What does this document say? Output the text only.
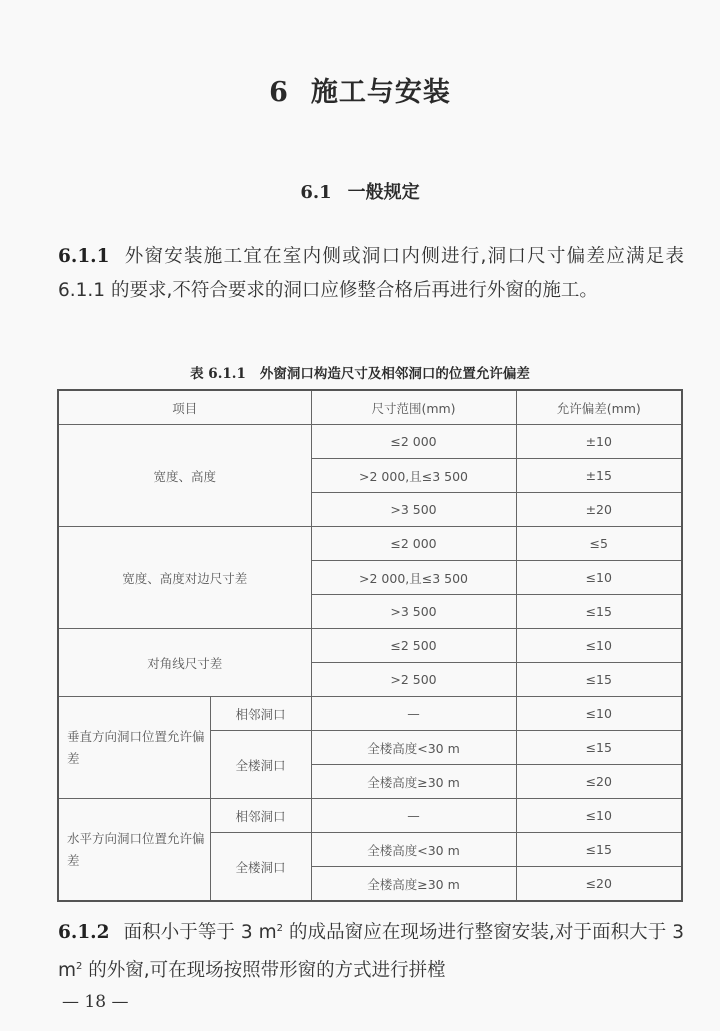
6 施工与安装
6.1 一般规定
6.1.1 外窗安装施工宜在室内侧或洞口内侧进行,洞口尺寸偏差应满足表 6.1.1 的要求,不符合要求的洞口应修整合格后再进行外窗的施工。
表 6.1.1 外窗洞口构造尺寸及相邻洞口的位置允许偏差
项目		尺寸范围(mm)	允许偏差(mm)
宽度、高度		≤2 000	±10
		>2 000,且≤3 500	±15
		>3 500	±20
宽度、高度对边尺寸差		≤2 000	≤5
		>2 000,且≤3 500	≤10
		>3 500	≤15
对角线尺寸差		≤2 500	≤10
		>2 500	≤15
垂直方向洞口位置允许偏差	相邻洞口	—	≤10
	全楼洞口	全楼高度<30 m	≤15
		全楼高度≥30 m	≤20
水平方向洞口位置允许偏差	相邻洞口	—	≤10
	全楼洞口	全楼高度<30 m	≤15
		全楼高度≥30 m	≤20
6.1.2 面积小于等于 3 $m^2$ 的成品窗应在现场进行整窗安装,对于面积大于 3 $m^2$ 的外窗,可在现场按照带形窗的方式进行拼樘
— 18 —
